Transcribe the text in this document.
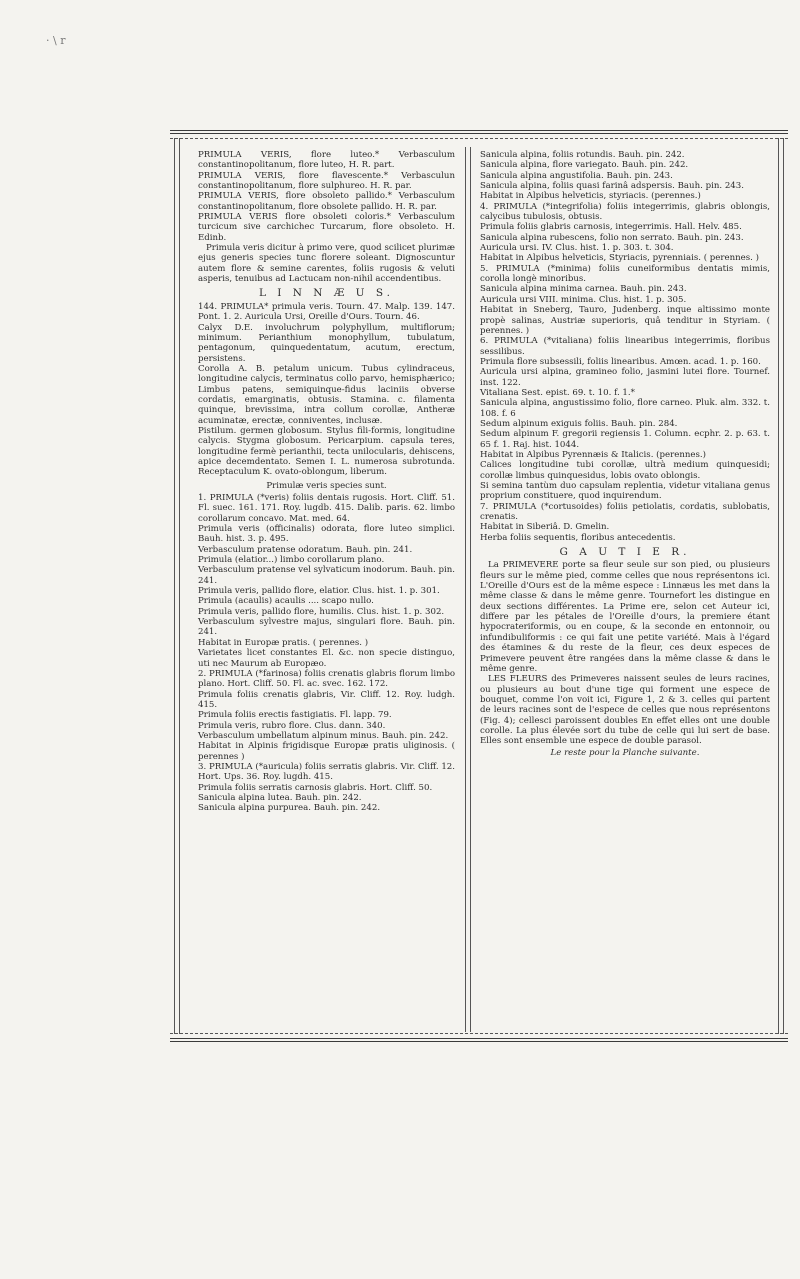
· \ r

PRIMULA VERIS, flore luteo.* Verbasculum constantinopolitanum, flore luteo, H. R. part.

PRIMULA VERIS, flore flavescente.* Verbasculun constantinopolitanum, flore sulphureo. H. R. par.

PRIMULA VERIS, flore obsoleto pallido.* Verbasculum constantinopolitanum, flore obsolete pallido. H. R. par.

PRIMULA VERIS flore obsoleti coloris.* Verbasculum turcicum sive carchichec Turcarum, flore obsoleto. H. Edinb.

Primula veris dicitur à primo vere, quod scilicet plurimæ ejus generis species tunc florere soleant. Dignoscuntur autem flore & semine carentes, foliis rugosis & veluti asperis, tenuibus ad Lactucam non-nihil accendentibus.

L I N N Æ U S.

144. PRIMULA* primula veris. Tourn. 47. Malp. 139. 147. Pont. 1. 2. Auricula Ursi, Oreille d'Ours. Tourn. 46.

Calyx D.E. involuchrum polyphyllum, multiflorum; minimum. Perianthium monophyllum, tubulatum, pentagonum, quinquedentatum, acutum, erectum, persistens.

Corolla A. B. petalum unicum. Tubus cylindraceus, longitudine calycis, terminatus collo parvo, hemisphærico; Limbus patens, semiquinque-fidus laciniis obverse cordatis, emarginatis, obtusis. Stamina. c. filamenta quinque, brevissima, intra collum corollæ, Antheræ acuminatæ, erectæ, conniventes, inclusæ.

Pistilum. germen globosum. Stylus fili-formis, longitudine calycis. Stygma globosum. Pericarpium. capsula teres, longitudine fermè perianthii, tecta unilocularis, dehiscens, apice decemdentato. Semen I. L. numerosa subrotunda. Receptaculum K. ovato-oblongum, liberum.

Primulæ veris species sunt.

1. PRIMULA (*veris) foliis dentais rugosis. Hort. Cliff. 51. Fl. suec. 161. 171. Roy. lugdb. 415. Dalib. paris. 62. limbo corollarum concavo. Mat. med. 64.

Primula veris (officinalis) odorata, flore luteo simplici. Bauh. hist. 3. p. 495.

Verbasculum pratense odoratum. Bauh. pin. 241.

Primula (elatior...) limbo corollarum plano.

Verbasculum pratense vel sylvaticum inodorum. Bauh. pin. 241.

Primula veris, pallido flore, elatior. Clus. hist. 1. p. 301.

Primula (acaulis) acaulis .... scapo nullo.

Primula veris, pallido flore, humilis. Clus. hist. 1. p. 302.

Verbasculum sylvestre majus, singulari flore. Bauh. pin. 241.

Habitat in Europæ pratis. ( perennes. )

Varietates licet constantes El. &c. non specie distinguo, uti nec Maurum ab Europæo.

2. PRIMULA (*farinosa) foliis crenatis glabris florum limbo plano. Hort. Cliff. 50. Fl. ac. svec. 162. 172.

Primula foliis crenatis glabris, Vir. Cliff. 12. Roy. ludgh. 415.

Primula foliis erectis fastigiatis. Fl. lapp. 79.

Primula veris, rubro flore. Clus. dann. 340.

Verbasculum umbellatum alpinum minus. Bauh. pin. 242.

Habitat in Alpinis frigidisque Europæ pratis uliginosis. ( perennes )

3. PRIMULA (*auricula) foliis serratis glabris. Vir. Cliff. 12. Hort. Ups. 36. Roy. lugdh. 415.

Primula foliis serratis carnosis glabris. Hort. Cliff. 50.

Sanicula alpina lutea. Bauh. pin. 242.

Sanicula alpina purpurea. Bauh. pin. 242.

Sanicula alpina, foliis rotundis. Bauh. pin. 242.

Sanicula alpina, flore variegato. Bauh. pin. 242.

Sanicula alpina angustifolia. Bauh. pin. 243.

Sanicula alpina, foliis quasi farinâ adspersis. Bauh. pin. 243.

Habitat in Alpibus helveticis, styriacis. (perennes.)

4. PRIMULA (*integrifolia) foliis integerrimis, glabris oblongis, calycibus tubulosis, obtusis.

Primula foliis glabris carnosis, integerrimis. Hall. Helv. 485.

Sanicula alpina rubescens, folio non serrato. Bauh. pin. 243.

Auricula ursi. IV. Clus. hist. 1. p. 303. t. 304.

Habitat in Alpibus helveticis, Styriacis, pyrenniais. ( perennes. )

5. PRIMULA (*minima) foliis cuneiformibus dentatis mimis, corolla longè minoribus.

Sanicula alpina minima carnea. Bauh. pin. 243.

Auricula ursi VIII. minima. Clus. hist. 1. p. 305.

Habitat in Sneberg, Tauro, Judenberg. inque altissimo monte propè salinas, Austriæ superioris, quâ tenditur in Styriam. ( perennes. )

6. PRIMULA (*vitaliana) foliis linearibus integerrimis, floribus sessilibus.

Primula flore subsessili, foliis linearibus. Amœn. acad. 1. p. 160.

Auricula ursi alpina, gramineo folio, jasmini lutei flore. Tournef. inst. 122.

Vitaliana Sest. epist. 69. t. 10. f. 1.*

Sanicula alpina, angustissimo folio, flore carneo. Pluk. alm. 332. t. 108. f. 6

Sedum alpinum exiguis foliis. Bauh. pin. 284.

Sedum alpinum F. gregorii regiensis 1. Column. ecphr. 2. p. 63. t. 65 f. 1. Raj. hist. 1044.

Habitat in Alpibus Pyrennæis & Italicis. (perennes.)

Calices longitudine tubi corollæ, ultrà medium quinquesidi; corollæ limbus quinquesidus, lobis ovato oblongis.

Si semina tantùm duo capsulam replentia, videtur vitaliana genus proprium constituere, quod inquirendum.

7. PRIMULA (*cortusoides) foliis petiolatis, cordatis, sublobatis, crenatis.

Habitat in Siberiâ. D. Gmelin.

Herba foliis sequentis, floribus antecedentis.

G A U T I E R.

La PRIMEVERE porte sa fleur seule sur son pied, ou plusieurs fleurs sur le même pied, comme celles que nous représentons ici. L'Oreille d'Ours est de la même espece : Linnæus les met dans la même classe & dans le même genre. Tournefort les distingue en deux sections différentes. La Prime ere, selon cet Auteur ici, differe par les pétales de l'Oreille d'ours, la premiere étant hypocrateriformis, ou en coupe, & la seconde en entonnoir, ou infundibuliformis : ce qui fait une petite variété. Mais à l'égard des étamines & du reste de la fleur, ces deux especes de Primevere peuvent être rangées dans la même classe & dans le même genre.

LES FLEURS des Primeveres naissent seules de leurs racines, ou plusieurs au bout d'une tige qui forment une espece de bouquet, comme l'on voit ici, Figure 1, 2 & 3. celles qui partent de leurs racines sont de l'espece de celles que nous représentons (Fig. 4); cellesci paroissent doubles En effet elles ont une double corolle. La plus élevée sort du tube de celle qui lui sert de base. Elles sont ensemble une espece de double parasol.

Le reste pour la Planche suivante.
